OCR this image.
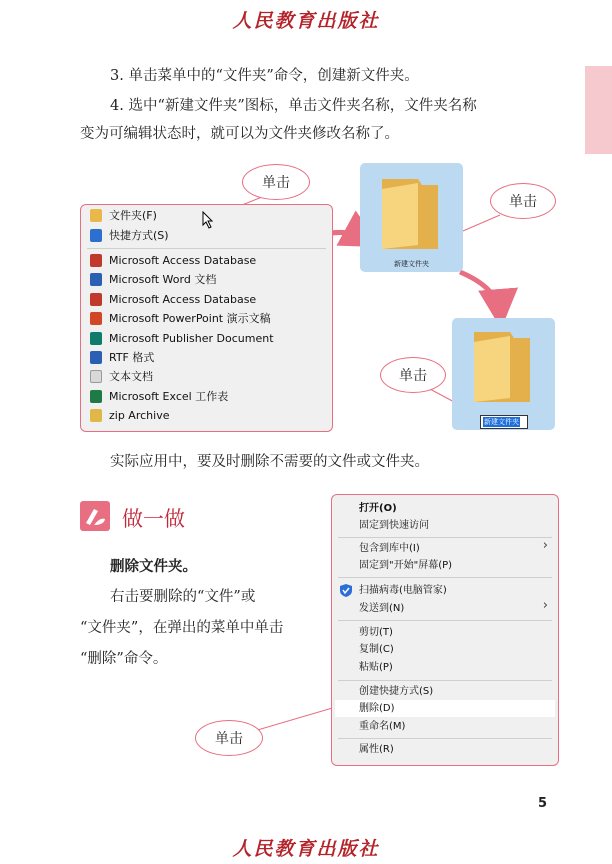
人民教育出版社
3. 单击菜单中的“文件夹”命令，创建新文件夹。
4. 选中“新建文件夹”图标，单击文件夹名称，文件夹名称
变为可编辑状态时，就可以为文件夹修改名称了。
文件夹(F)
快捷方式(S)
Microsoft Access Database
Microsoft Word 文档
Microsoft Access Database
Microsoft PowerPoint 演示文稿
Microsoft Publisher Document
RTF 格式
文本文档
Microsoft Excel 工作表
zip Archive
新建文件夹
新建文件夹
单击
单击
单击
实际应用中，要及时删除不需要的文件或文件夹。
做一做
删除文件夹。
右击要删除的“文件”或
“文件夹”，在弹出的菜单中单击
“删除”命令。
打开(O)
固定到快速访问
包含到库中(I)	›
固定到"开始"屏幕(P)
扫描病毒(电脑管家)
发送到(N)	›
剪切(T)
复制(C)
粘贴(P)
创建快捷方式(S)
删除(D)
重命名(M)
属性(R)
单击
5
人民教育出版社
